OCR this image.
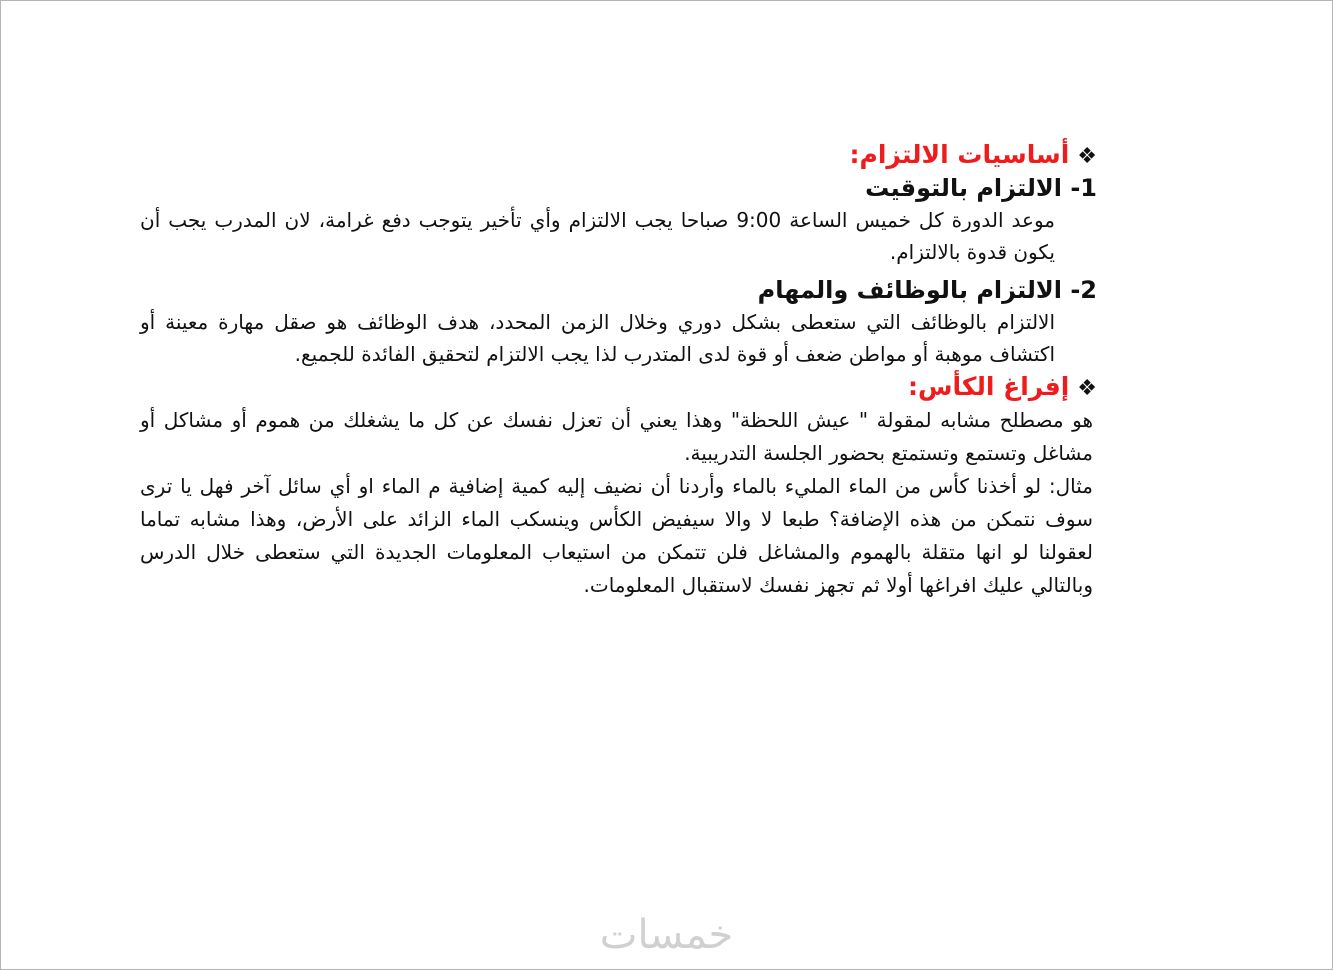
❖أساسيات الالتزام:
1- الالتزام بالتوقيت
موعد الدورة كل خميس الساعة 9:00 صباحا يجب الالتزام وأي تأخير يتوجب دفع غرامة، لان المدرب يجب أن يكون قدوة بالالتزام.
2- الالتزام بالوظائف والمهام
الالتزام بالوظائف التي ستعطى بشكل دوري وخلال الزمن المحدد، هدف الوظائف هو صقل مهارة معينة أو اكتشاف موهبة أو مواطن ضعف أو قوة لدى المتدرب لذا يجب الالتزام لتحقيق الفائدة للجميع.
❖إفراغ الكأس:
هو مصطلح مشابه لمقولة " عيش اللحظة" وهذا يعني أن تعزل نفسك عن كل ما يشغلك من هموم أو مشاكل أو مشاغل وتستمع وتستمتع بحضور الجلسة التدريبية.
مثال: لو أخذنا كأس من الماء المليء بالماء وأردنا أن نضيف إليه كمية إضافية م الماء او أي سائل آخر فهل يا ترى سوف نتمكن من هذه الإضافة؟ طبعا لا والا سيفيض الكأس وينسكب الماء الزائد على الأرض، وهذا مشابه تماما لعقولنا لو انها متقلة بالهموم والمشاغل فلن تتمكن من استيعاب المعلومات الجديدة التي ستعطى خلال الدرس وبالتالي عليك افراغها أولا ثم تجهز نفسك لاستقبال المعلومات.
خمسات
